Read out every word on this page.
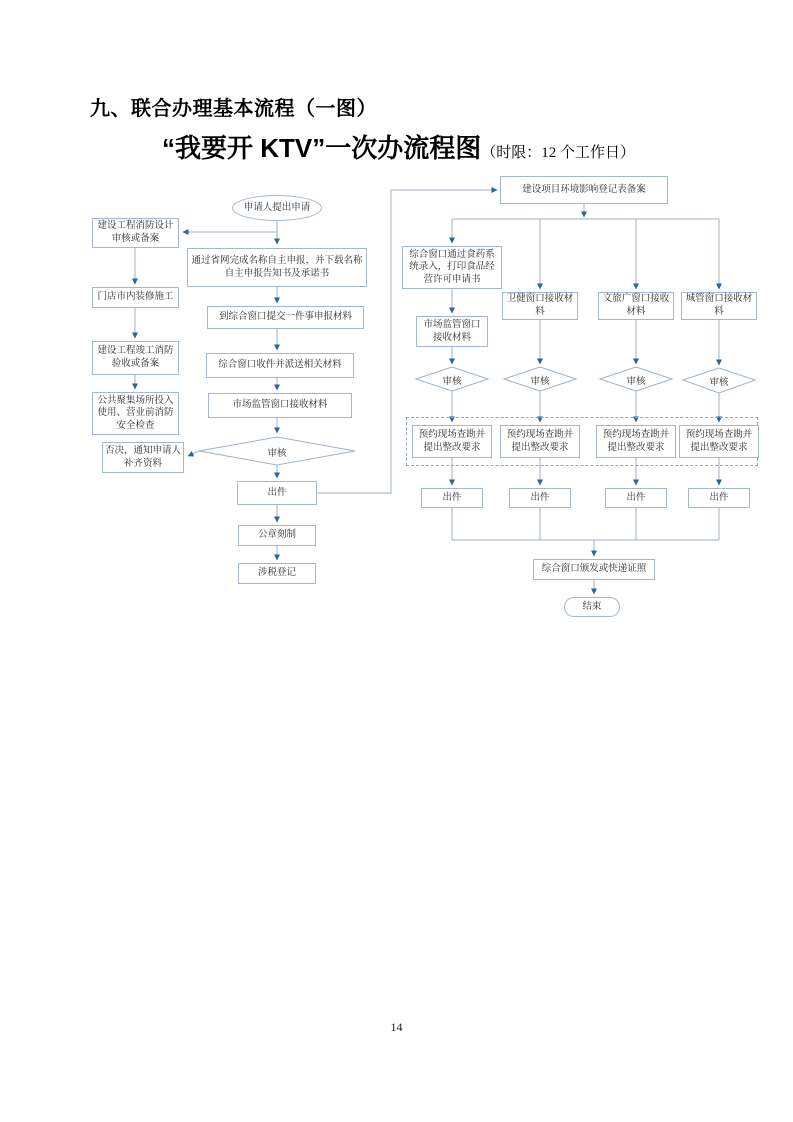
九、联合办理基本流程（一图）
“我要开 KTV”一次办流程图（时限：12 个工作日）
申请人提出申请
建设工程消防设计审核或备案
通过省网完成名称自主申报，并下载名称自主申报告知书及承诺书
门店市内装修施工
到综合窗口提交一件事申报材料
建设工程竣工消防验收或备案	综合窗口收件并派送相关材料
市场监管窗口接收材料
公共聚集场所投入使用、营业前消防安全检查
否决，通知申请人补齐资料
审核
出件
公章刻制
涉税登记
建设项目环境影响登记表备案
综合窗口通过食药系统录入，打印食品经营许可申请书
卫健窗口接收材料
文旅广窗口接收材料
城管窗口接收材料
市场监管窗口接收材料
审核	审核	审核	审核
预约现场查勘并提出整改要求
预约现场查勘并提出整改要求
预约现场查勘并提出整改要求
预约现场查勘并提出整改要求
出件	出件	出件	出件
综合窗口颁发或快递证照
结束
14
